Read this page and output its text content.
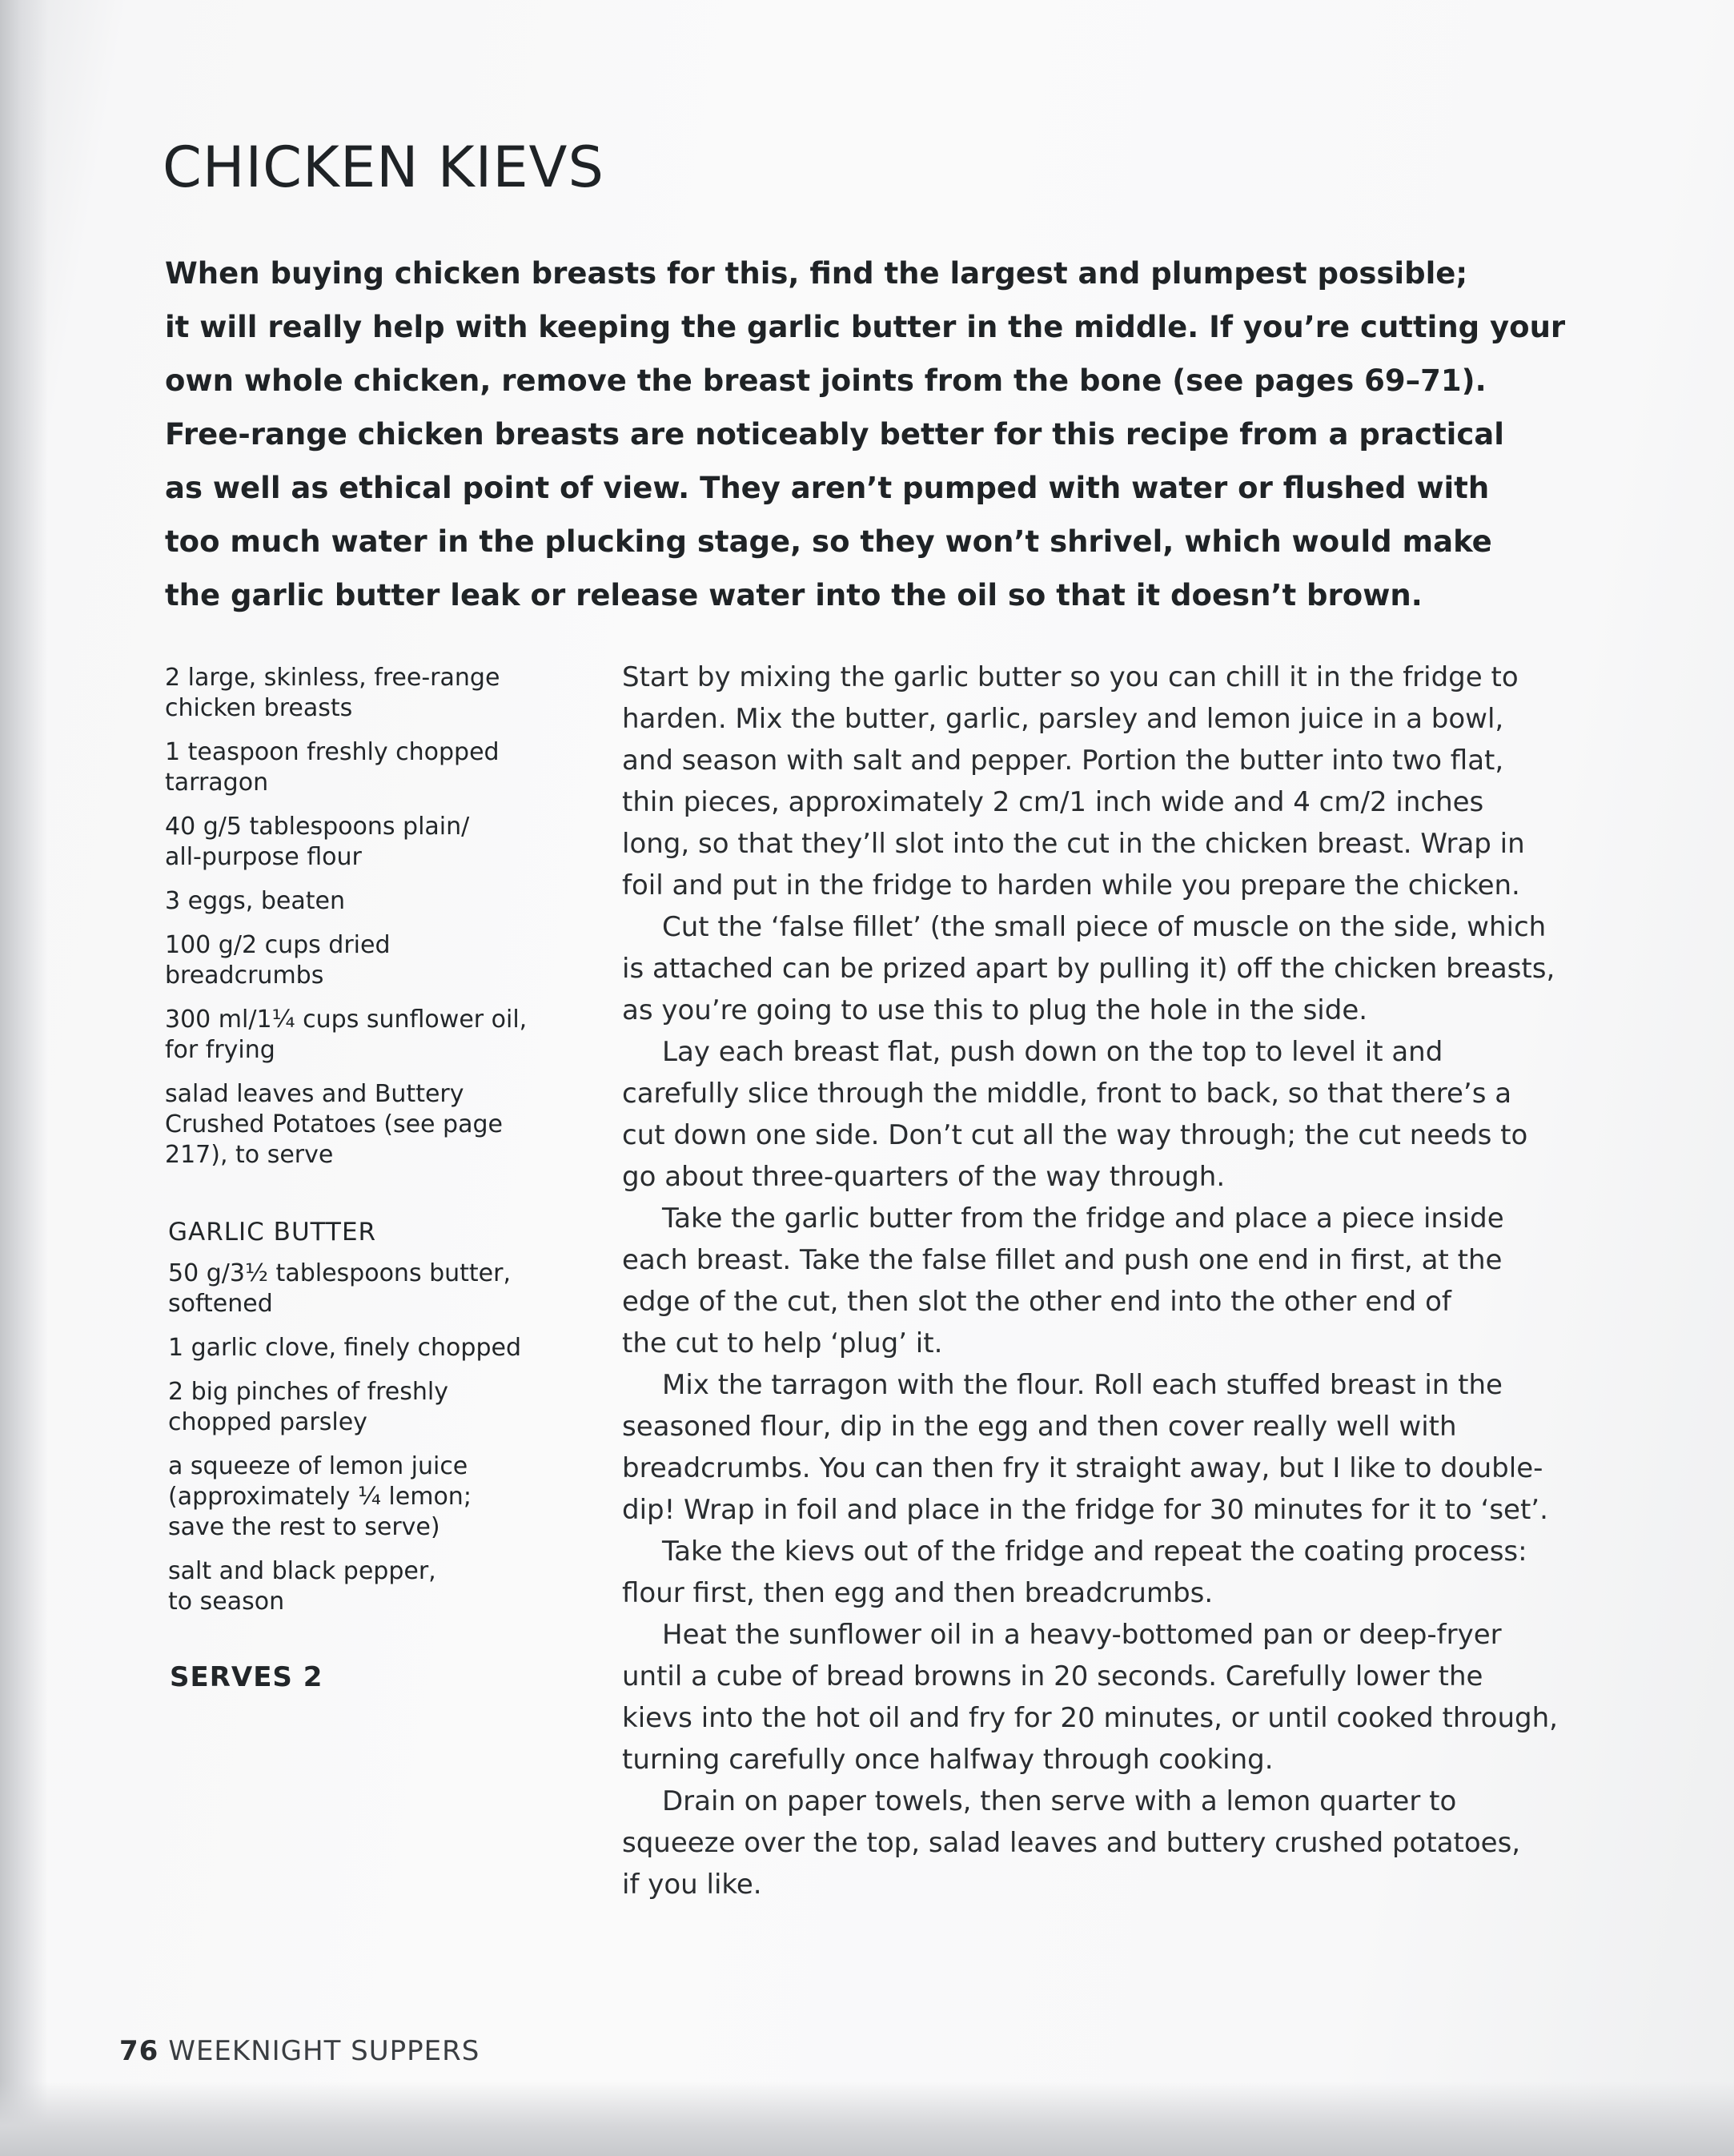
CHICKEN KIEVS

When buying chicken breasts for this, find the largest and plumpest possible;
it will really help with keeping the garlic butter in the middle. If you’re cutting your
own whole chicken, remove the breast joints from the bone (see pages 69–71).
Free-range chicken breasts are noticeably better for this recipe from a practical
as well as ethical point of view. They aren’t pumped with water or flushed with
too much water in the plucking stage, so they won’t shrivel, which would make
the garlic butter leak or release water into the oil so that it doesn’t brown.

2 large, skinless, free-range
chicken breasts
1 teaspoon freshly chopped
tarragon
40 g/5 tablespoons plain/
all-purpose flour
3 eggs, beaten
100 g/2 cups dried
breadcrumbs
300 ml/1¼ cups sunflower oil,
for frying
salad leaves and Buttery
Crushed Potatoes (see page
217), to serve
GARLIC BUTTER
50 g/3½ tablespoons butter,
softened
1 garlic clove, finely chopped
2 big pinches of freshly
chopped parsley
a squeeze of lemon juice
(approximately ¼ lemon;
save the rest to serve)
salt and black pepper,
to season
SERVES 2
Start by mixing the garlic butter so you can chill it in the fridge to
harden. Mix the butter, garlic, parsley and lemon juice in a bowl,
and season with salt and pepper. Portion the butter into two flat,
thin pieces, approximately 2 cm/1 inch wide and 4 cm/2 inches
long, so that they’ll slot into the cut in the chicken breast. Wrap in
foil and put in the fridge to harden while you prepare the chicken.
Cut the ‘false fillet’ (the small piece of muscle on the side, which
is attached can be prized apart by pulling it) off the chicken breasts,
as you’re going to use this to plug the hole in the side.
Lay each breast flat, push down on the top to level it and
carefully slice through the middle, front to back, so that there’s a
cut down one side. Don’t cut all the way through; the cut needs to
go about three-quarters of the way through.
Take the garlic butter from the fridge and place a piece inside
each breast. Take the false fillet and push one end in first, at the
edge of the cut, then slot the other end into the other end of
the cut to help ‘plug’ it.
Mix the tarragon with the flour. Roll each stuffed breast in the
seasoned flour, dip in the egg and then cover really well with
breadcrumbs. You can then fry it straight away, but I like to double-
dip! Wrap in foil and place in the fridge for 30 minutes for it to ‘set’.
Take the kievs out of the fridge and repeat the coating process:
flour first, then egg and then breadcrumbs.
Heat the sunflower oil in a heavy-bottomed pan or deep-fryer
until a cube of bread browns in 20 seconds. Carefully lower the
kievs into the hot oil and fry for 20 minutes, or until cooked through,
turning carefully once halfway through cooking.
Drain on paper towels, then serve with a lemon quarter to
squeeze over the top, salad leaves and buttery crushed potatoes,
if you like.
76 WEEKNIGHT SUPPERS
